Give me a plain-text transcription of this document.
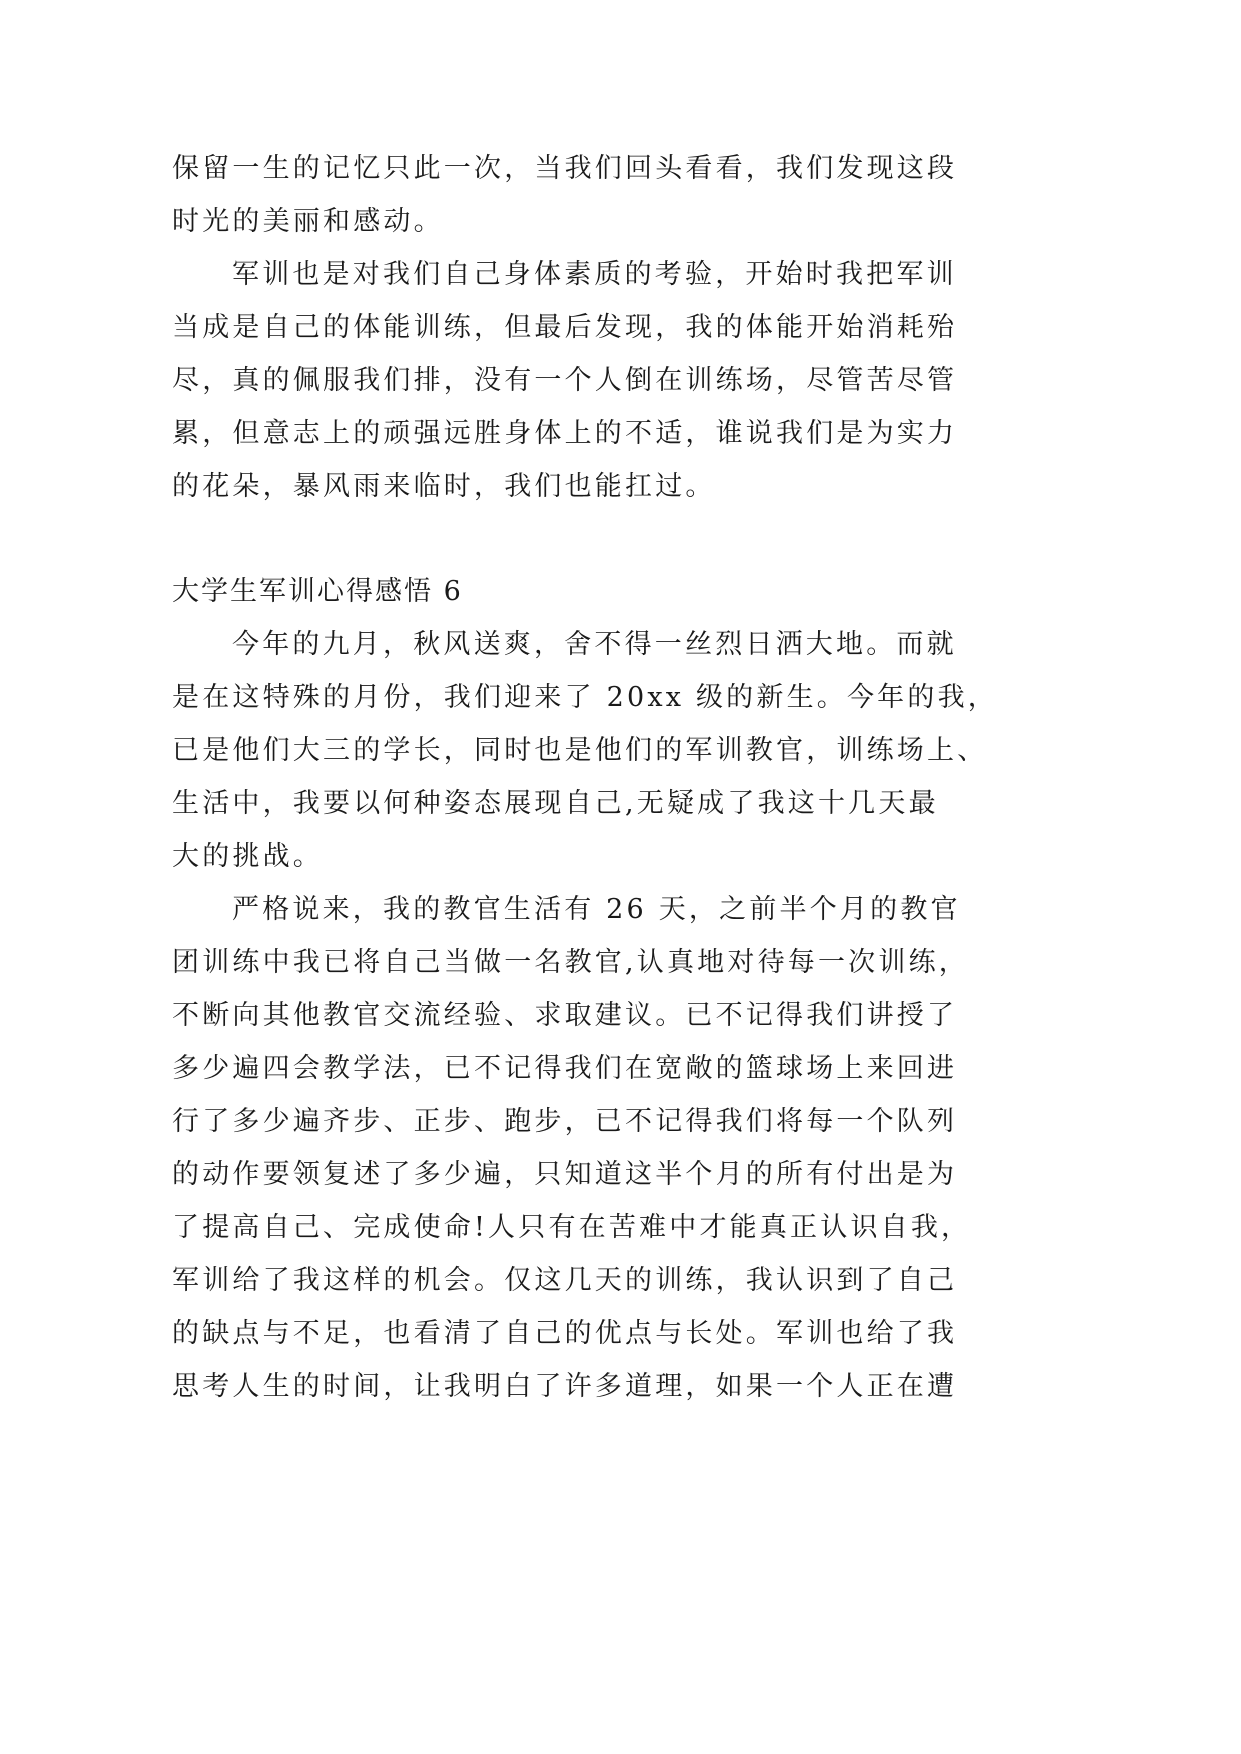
保留一生的记忆只此一次，当我们回头看看，我们发现这段
时光的美丽和感动。
军训也是对我们自己身体素质的考验，开始时我把军训
当成是自己的体能训练，但最后发现，我的体能开始消耗殆
尽，真的佩服我们排，没有一个人倒在训练场，尽管苦尽管
累，但意志上的顽强远胜身体上的不适，谁说我们是为实力
的花朵，暴风雨来临时，我们也能扛过。
大学生军训心得感悟 6
今年的九月，秋风送爽，舍不得一丝烈日洒大地。而就
是在这特殊的月份，我们迎来了 20xx 级的新生。今年的我，
已是他们大三的学长，同时也是他们的军训教官，训练场上、
生活中，我要以何种姿态展现自己,无疑成了我这十几天最
大的挑战。
严格说来，我的教官生活有 26 天，之前半个月的教官
团训练中我已将自己当做一名教官,认真地对待每一次训练，
不断向其他教官交流经验、求取建议。已不记得我们讲授了
多少遍四会教学法，已不记得我们在宽敞的篮球场上来回进
行了多少遍齐步、正步、跑步，已不记得我们将每一个队列
的动作要领复述了多少遍，只知道这半个月的所有付出是为
了提高自己、完成使命!人只有在苦难中才能真正认识自我，
军训给了我这样的机会。仅这几天的训练，我认识到了自己
的缺点与不足，也看清了自己的优点与长处。军训也给了我
思考人生的时间，让我明白了许多道理，如果一个人正在遭
